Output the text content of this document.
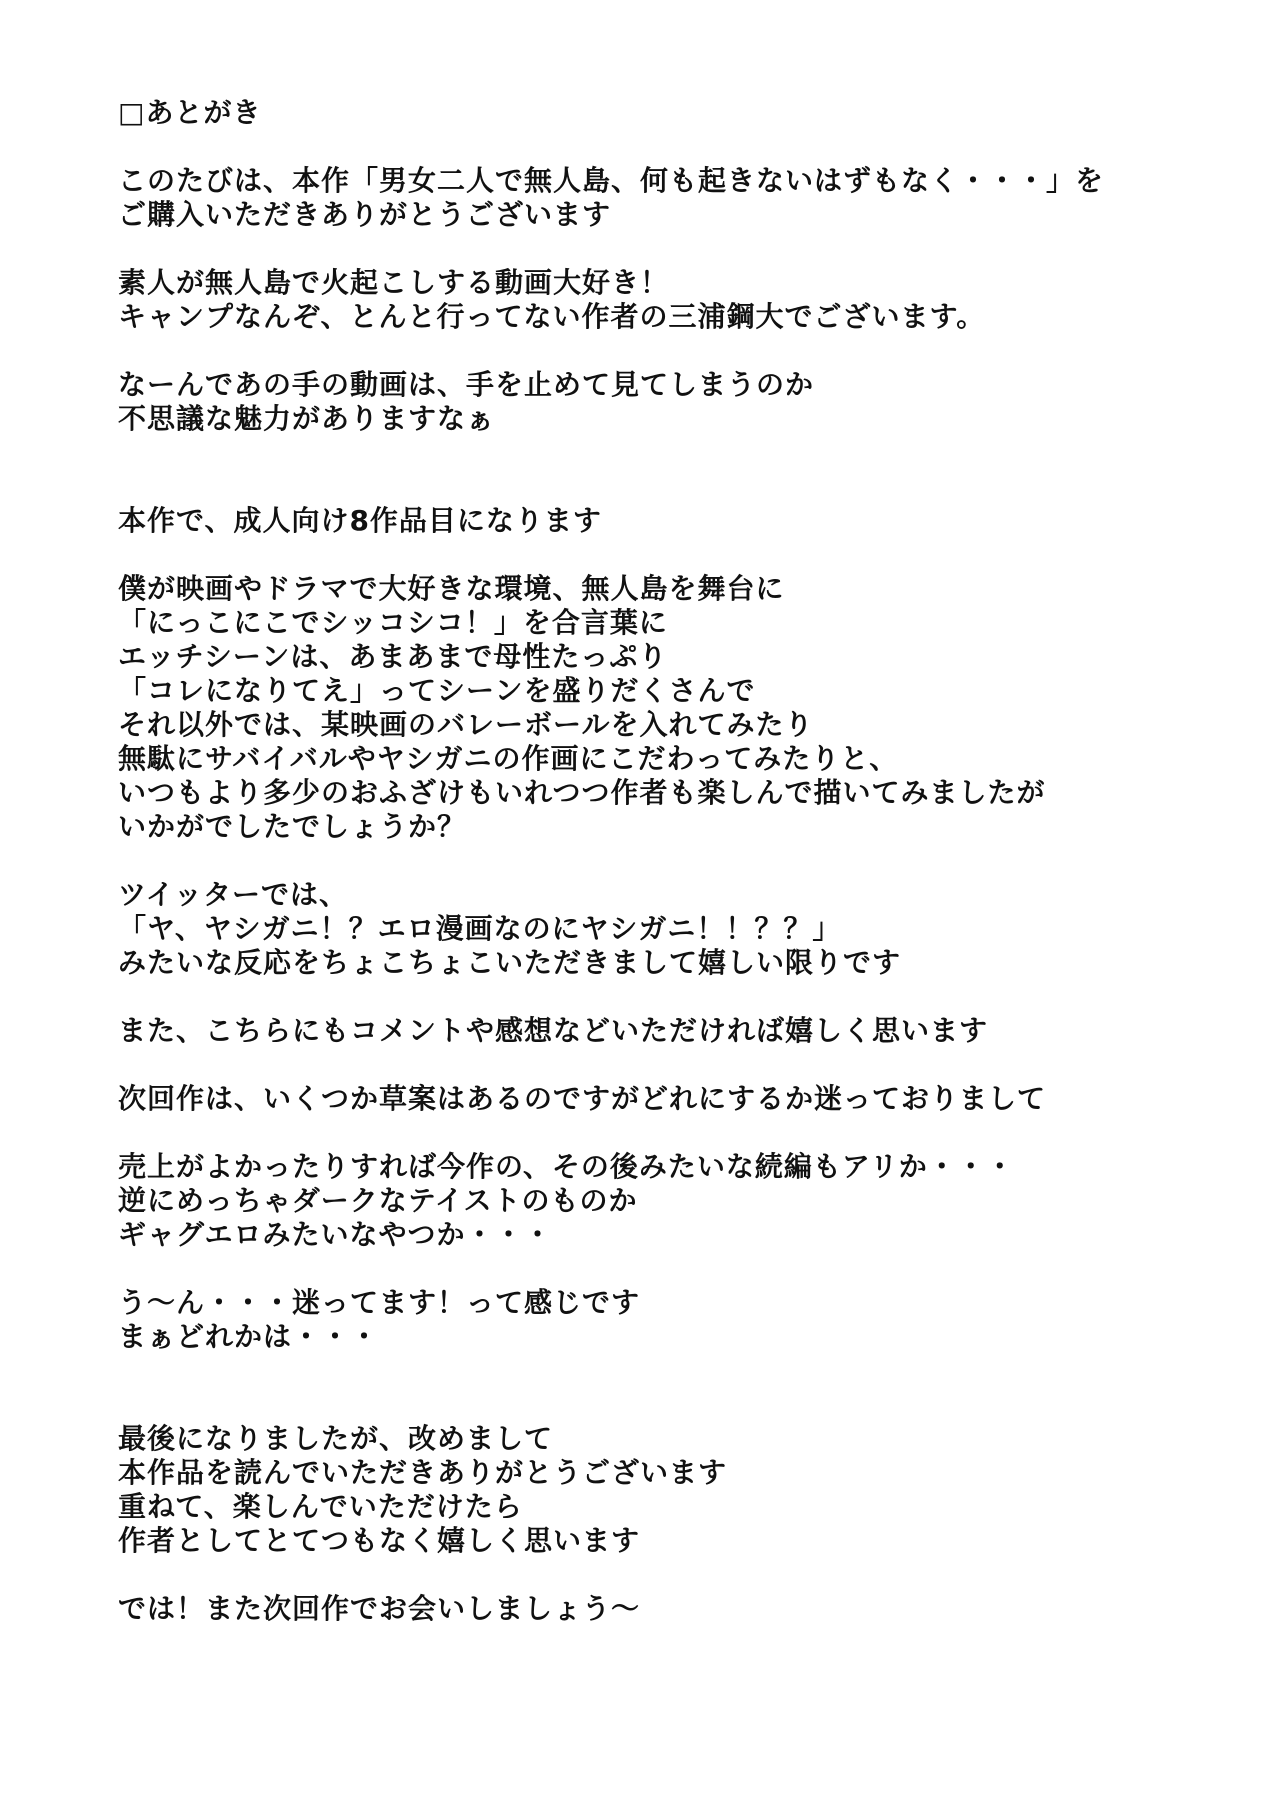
□あとがき
このたびは、本作「男女二人で無人島、何も起きないはずもなく・・・」を
ご購入いただきありがとうございます
素人が無人島で火起こしする動画大好き！
キャンプなんぞ、とんと行ってない作者の三浦鋼大でございます。
なーんであの手の動画は、手を止めて見てしまうのか
不思議な魅力がありますなぁ
本作で、成人向け8作品目になります
僕が映画やドラマで大好きな環境、無人島を舞台に
「にっこにこでシッコシコ！」を合言葉に
エッチシーンは、あまあまで母性たっぷり
「コレになりてえ」ってシーンを盛りだくさんで
それ以外では、某映画のバレーボールを入れてみたり
無駄にサバイバルやヤシガニの作画にこだわってみたりと、
いつもより多少のおふざけもいれつつ作者も楽しんで描いてみましたが
いかがでしたでしょうか？
ツイッターでは、
「ヤ、ヤシガニ！？エロ漫画なのにヤシガニ！！？？」
みたいな反応をちょこちょこいただきまして嬉しい限りです
また、こちらにもコメントや感想などいただければ嬉しく思います
次回作は、いくつか草案はあるのですがどれにするか迷っておりまして
売上がよかったりすれば今作の、その後みたいな続編もアリか・・・
逆にめっちゃダークなテイストのものか
ギャグエロみたいなやつか・・・
う〜ん・・・迷ってます！って感じです
まぁどれかは・・・
最後になりましたが、改めまして
本作品を読んでいただきありがとうございます
重ねて、楽しんでいただけたら
作者としてとてつもなく嬉しく思います
では！また次回作でお会いしましょう〜
